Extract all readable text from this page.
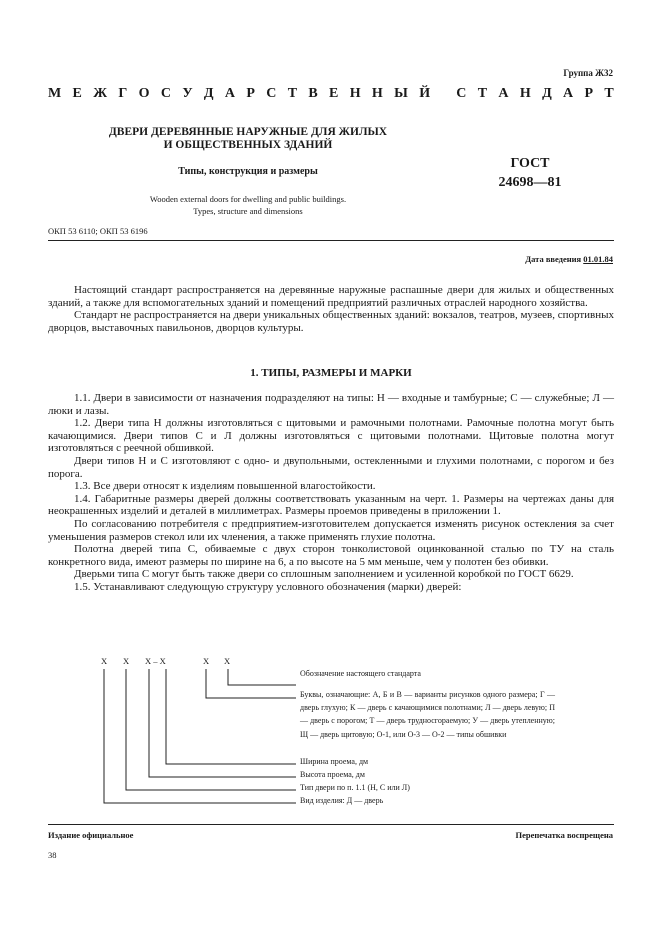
Группа Ж32
М Е Ж Г О С У Д А Р С Т В Е Н Н Ы Й
С Т А Н Д А Р Т
ДВЕРИ ДЕРЕВЯННЫЕ НАРУЖНЫЕ ДЛЯ ЖИЛЫХ
И ОБЩЕСТВЕННЫХ ЗДАНИЙ
Типы, конструкция и размеры
Wooden external doors for dwelling and public buildings.
Types, structure and dimensions
ГОСТ
24698—81
ОКП 53 6110; ОКП 53 6196
Дата введения 01.01.84

Настоящий стандарт распространяется на деревянные наружные распашные двери для жилых и общественных зданий, а также для вспомогательных зданий и помещений предприятий различных отраслей народного хозяйства.

Стандарт не распространяется на двери уникальных общественных зданий: вокзалов, театров, музеев, спортивных дворцов, выставочных павильонов, дворцов культуры.

1. ТИПЫ, РАЗМЕРЫ И МАРКИ

1.1. Двери в зависимости от назначения подразделяют на типы: Н — входные и тамбурные; С — служебные; Л — люки и лазы.

1.2. Двери типа Н должны изготовляться с щитовыми и рамочными полотнами. Рамочные полотна могут быть качающимися. Двери типов С и Л должны изготовляться с щитовыми полотнами. Щитовые полотна могут изготовляться с реечной обшивкой.

Двери типов Н и С изготовляют с одно- и двупольными, остекленными и глухими полотнами, с порогом и без порога.

1.3. Все двери относят к изделиям повышенной влагостойкости.

1.4. Габаритные размеры дверей должны соответствовать указанным на черт. 1. Размеры на чертежах даны для неокрашенных изделий и деталей в миллиметрах. Размеры проемов приведены в приложении 1.

По согласованию потребителя с предприятием-изготовителем допускается изменять рисунок остекления за счет уменьшения размеров стекол или их членения, а также применять глухие полотна.

Полотна дверей типа С, обиваемые с двух сторон тонколистовой оцинкованной сталью по ТУ на сталь конкретного вида, имеют размеры по ширине на 6, а по высоте на 5 мм меньше, чем у полотен без обивки.

Дверьми типа С могут быть также двери со сплошным заполнением и усиленной коробкой по ГОСТ 6629.

1.5. Устанавливают следующую структуру условного обозначения (марки) дверей:

X X X – X	X X
Обозначение настоящего стандарта
Буквы, означающие: А, Б и В — варианты рисунков одного размера; Г — дверь глухую; К — дверь с качающимися полотнами; Л — дверь левую; П — дверь с порогом; Т — дверь трудносгораемую; У — дверь утепленную; Щ — дверь щитовую; О-1, или О-3 — О-2 — типы обшивки
Ширина проема, дм
Высота проема, дм
Тип двери по п. 1.1 (Н, С или Л)
Вид изделия: Д — дверь
Издание официальное	Перепечатка воспрещена
38
